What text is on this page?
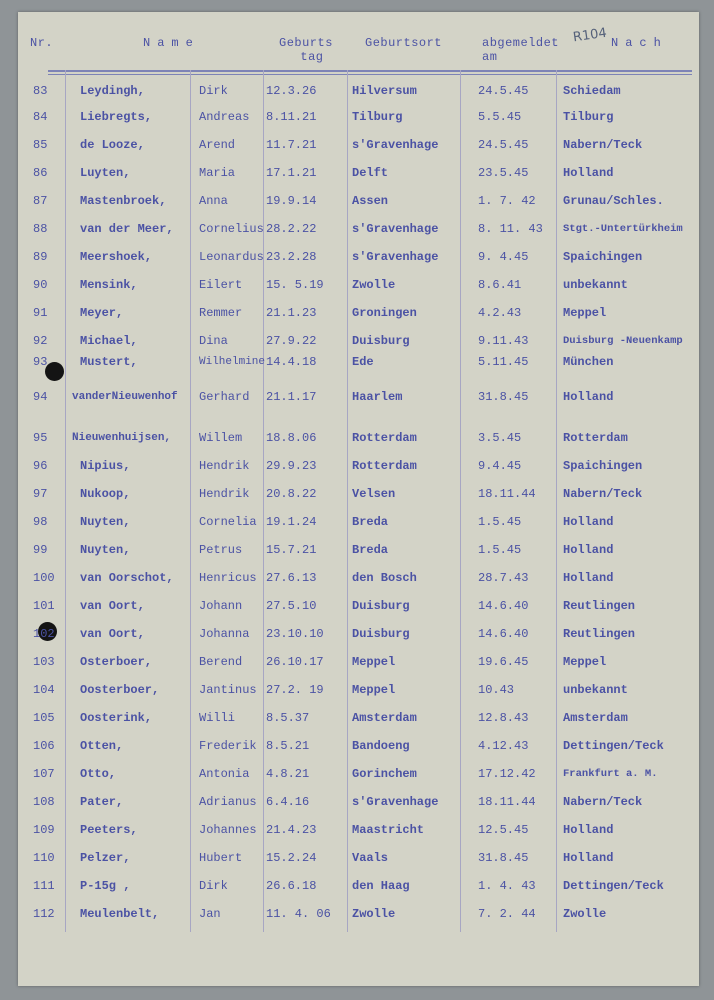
R104
Nr.	Name	Geburts
tag
Geburtsort	abgemeldet
am
Nach
83	Leydingh,	Dirk	12.3.26	Hilversum	24.5.45	Schiedam
84	Liebregts,	Andreas 8.11.21	Tilburg	5.5.45	Tilburg
85	de Looze,	Arend	11.7.21	s'Gravenhage	24.5.45	Nabern/Teck
86	Luyten,	Maria	17.1.21	Delft	23.5.45	Holland
87	Mastenbroek,	Anna	19.9.14	Assen	1. 7. 42 Grunau/Schles.
88	van der Meer, Cornelius 28.2.22	s'Gravenhage	8. 11. 43 Stgt.-Untertürkheim
89	Meershoek,	Leonardus 23.2.28	s'Gravenhage	9. 4.45	Spaichingen
90	Mensink,	Eilert 15. 5.19 Zwolle	8.6.41	unbekannt
91	Meyer,	Remmer 21.1.23	Groningen	4.2.43	Meppel
92	Michael,	Dina	27.9.22	Duisburg	9.11.43	Duisburg -Neuenkamp
93	Mustert,	Wilhelmine 14.4.18	Ede	5.11.45	München
94 vanderNieuwenhof Gerhard 21.1.17	Haarlem	31.8.45	Holland
95 Nieuwenhuijsen, Willem 18.8.06	Rotterdam	3.5.45	Rotterdam
96	Nipius,	Hendrik 29.9.23	Rotterdam	9.4.45	Spaichingen
97	Nukoop,	Hendrik 20.8.22	Velsen	18.11.44 Nabern/Teck
98	Nuyten,	Cornelia 19.1.24	Breda	1.5.45	Holland
99	Nuyten,	Petrus 15.7.21	Breda	1.5.45	Holland
100 van Oorschot, Henricus 27.6.13	den Bosch	28.7.43	Holland
101 van Oort,	Johann 27.5.10	Duisburg	14.6.40	Reutlingen
102 van Oort,	Johanna 23.10.10 Duisburg	14.6.40	Reutlingen
103 Osterboer,	Berend 26.10.17 Meppel	19.6.45	Meppel
104 Oosterboer,	Jantinus 27.2. 19 Meppel	10.43	unbekannt
105 Oosterink,	Willi	8.5.37	Amsterdam	12.8.43	Amsterdam
106 Otten,	Frederik 8.5.21	Bandoeng	4.12.43	Dettingen/Teck
107 Otto,	Antonia 4.8.21	Gorinchem	17.12.42	Frankfurt a. M.
108 Pater,	Adrianus 6.4.16	s'Gravenhage	18.11.44 Nabern/Teck
109 Peeters,	Johannes 21.4.23	Maastricht	12.5.45	Holland
110 Pelzer,	Hubert 15.2.24	Vaals	31.8.45	Holland
111 P-15g ,	Dirk	26.6.18	den Haag	1. 4. 43 Dettingen/Teck
112 Meulenbelt,	Jan	11. 4. 06 Zwolle	7. 2. 44 Zwolle
